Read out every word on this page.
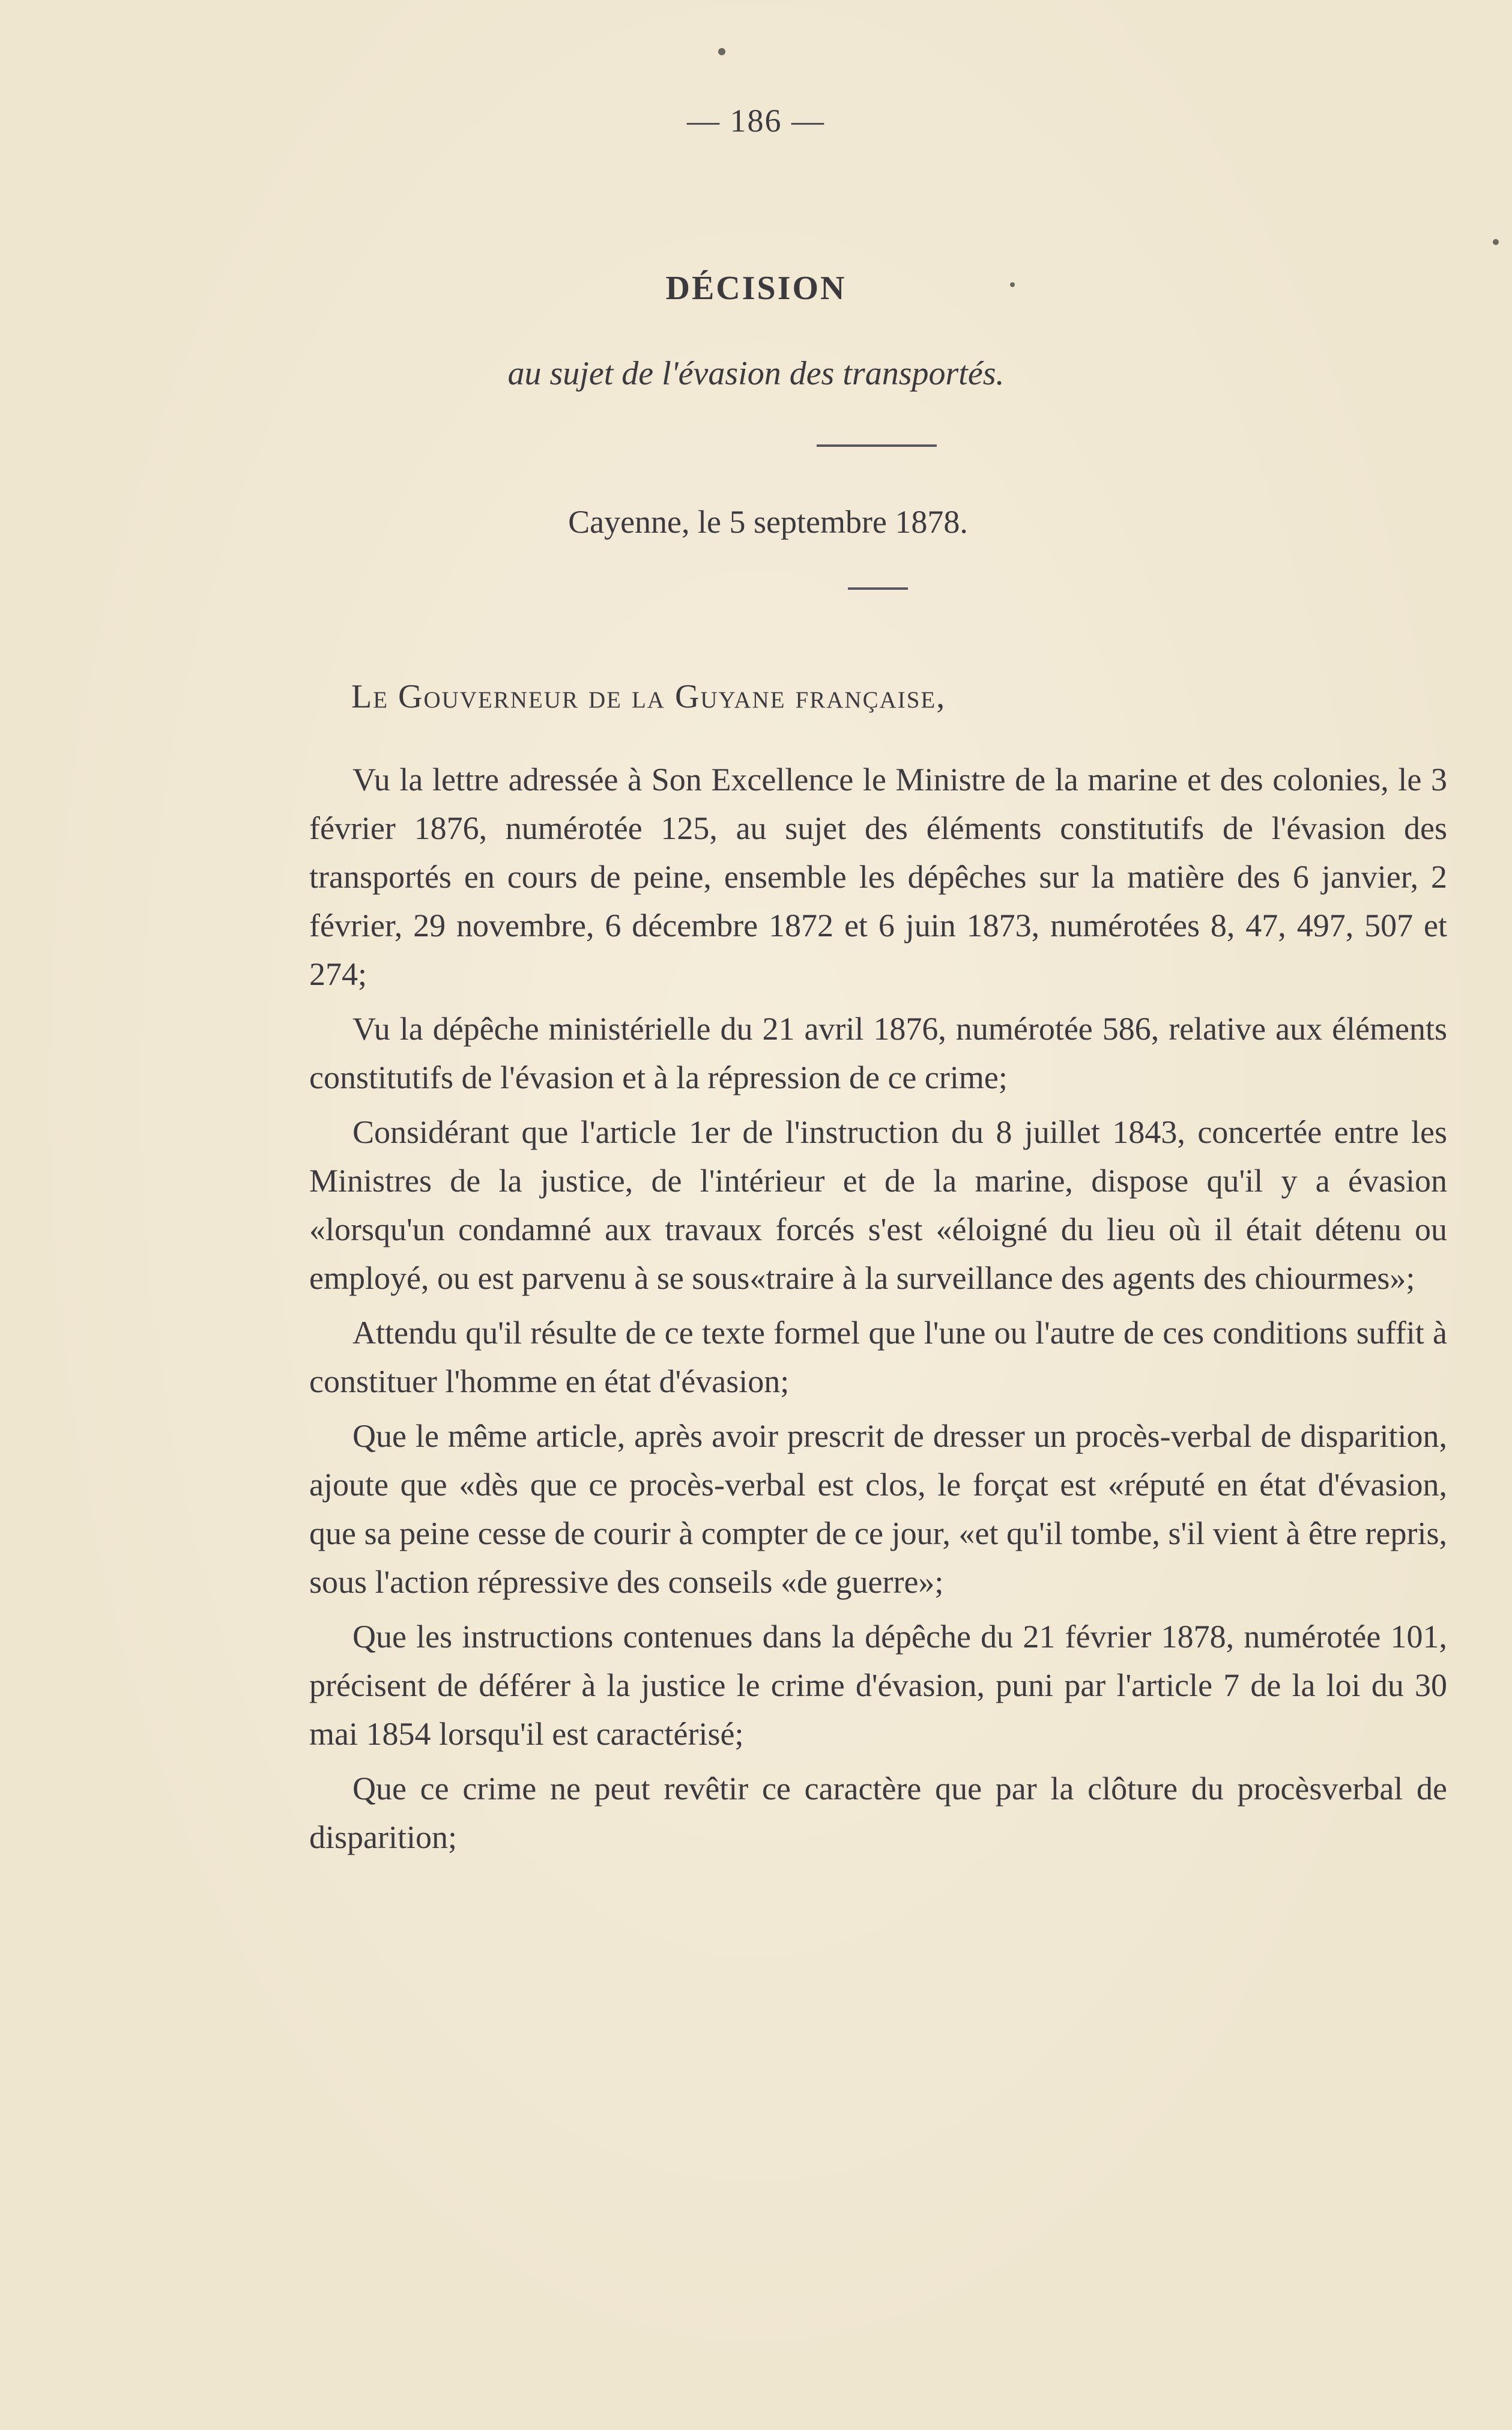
— 186 —
DÉCISION
au sujet de l'évasion des transportés.
Cayenne, le 5 septembre 1878.
Le Gouverneur de la Guyane française,

Vu la lettre adressée à Son Excellence le Ministre de la marine et des colonies, le 3 février 1876, numérotée 125, au sujet des éléments constitutifs de l'évasion des transportés en cours de peine, ensemble les dépêches sur la matière des 6 janvier, 2 février, 29 novembre, 6 décembre 1872 et 6 juin 1873, numérotées 8, 47, 497, 507 et 274;

Vu la dépêche ministérielle du 21 avril 1876, numérotée 586, relative aux éléments constitutifs de l'évasion et à la répression de ce crime;

Considérant que l'article 1er de l'instruction du 8 juillet 1843, concertée entre les Ministres de la justice, de l'intérieur et de la marine, dispose qu'il y a évasion «lorsqu'un condamné aux travaux forcés s'est «éloigné du lieu où il était détenu ou employé, ou est parvenu à se sous«traire à la surveillance des agents des chiourmes»;

Attendu qu'il résulte de ce texte formel que l'une ou l'autre de ces conditions suffit à constituer l'homme en état d'évasion;

Que le même article, après avoir prescrit de dresser un procès-verbal de disparition, ajoute que «dès que ce procès-verbal est clos, le forçat est «réputé en état d'évasion, que sa peine cesse de courir à compter de ce jour, «et qu'il tombe, s'il vient à être repris, sous l'action répressive des conseils «de guerre»;

Que les instructions contenues dans la dépêche du 21 février 1878, numérotée 101, précisent de déférer à la justice le crime d'évasion, puni par l'article 7 de la loi du 30 mai 1854 lorsqu'il est caractérisé;

Que ce crime ne peut revêtir ce caractère que par la clôture du procèsverbal de disparition;
